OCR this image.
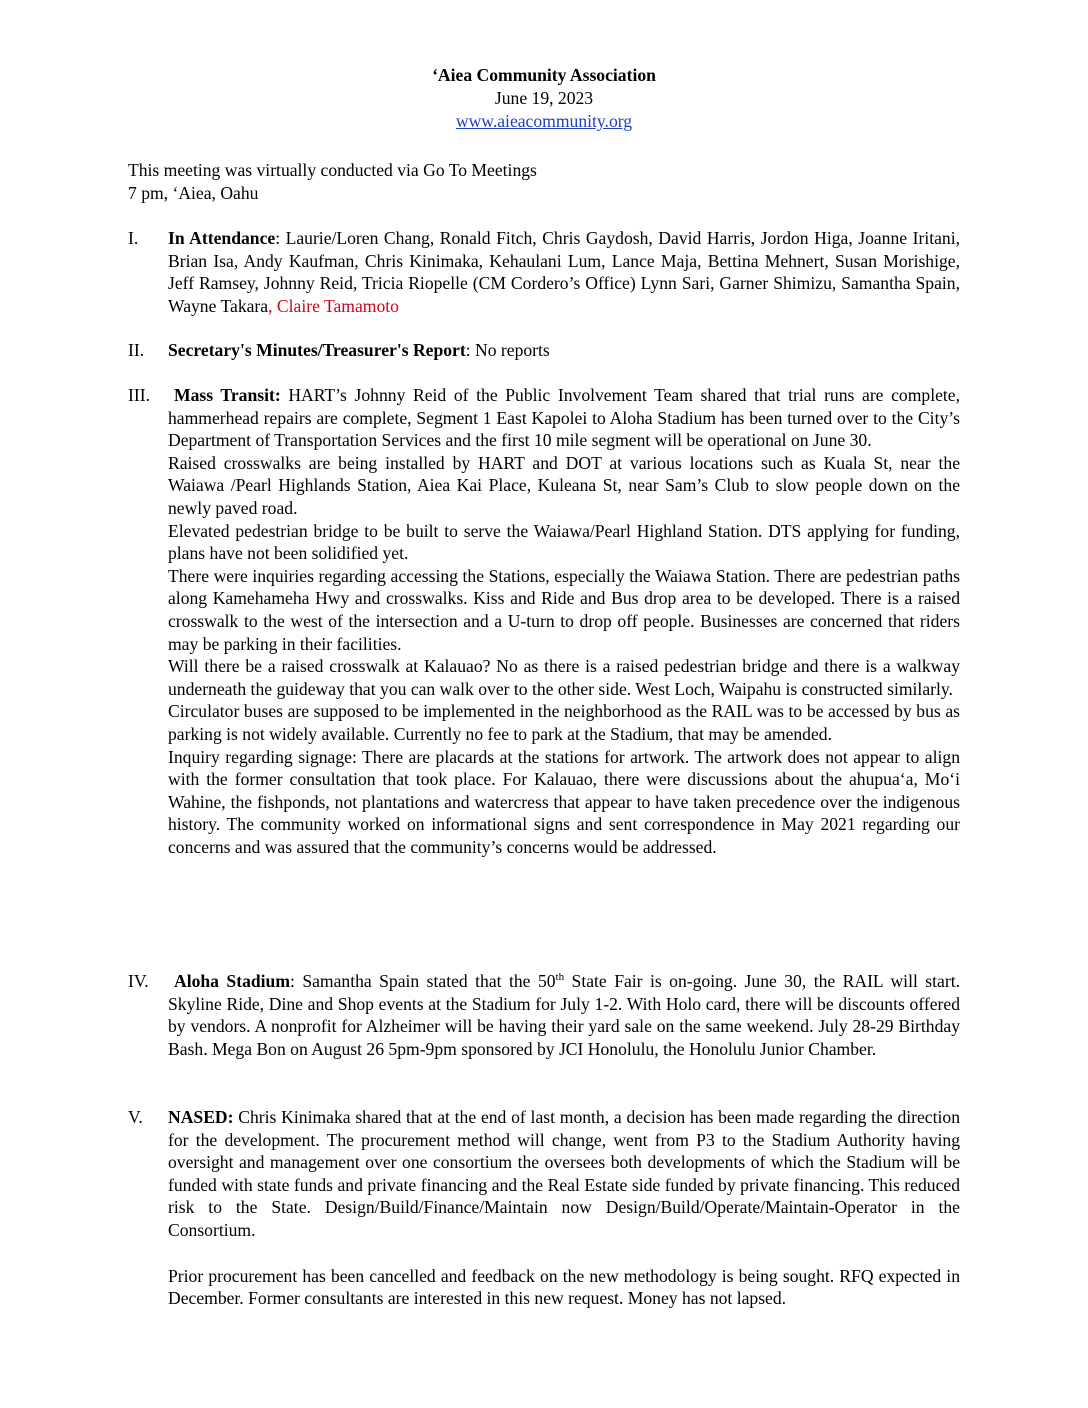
‘Aiea Community Association
June 19, 2023
www.aieacommunity.org
This meeting was virtually conducted via Go To Meetings
7 pm, ‘Aiea, Oahu
I.	In Attendance: Laurie/Loren Chang, Ronald Fitch, Chris Gaydosh, David Harris, Jordon Higa, Joanne Iritani, Brian Isa, Andy Kaufman, Chris Kinimaka, Kehaulani Lum, Lance Maja, Bettina Mehnert, Susan Morishige, Jeff Ramsey, Johnny Reid, Tricia Riopelle (CM Cordero’s Office) Lynn Sari, Garner Shimizu, Samantha Spain, Wayne Takara, Claire Tamamoto
II.	Secretary's Minutes/Treasurer's Report: No reports
III.	Mass Transit: HART’s Johnny Reid of the Public Involvement Team shared that trial runs are complete, hammerhead repairs are complete, Segment 1 East Kapolei to Aloha Stadium has been turned over to the City’s Department of Transportation Services and the first 10 mile segment will be operational on June 30.

Raised crosswalks are being installed by HART and DOT at various locations such as Kuala St, near the Waiawa /Pearl Highlands Station, Aiea Kai Place, Kuleana St, near Sam’s Club to slow people down on the newly paved road.

Elevated pedestrian bridge to be built to serve the Waiawa/Pearl Highland Station. DTS applying for funding, plans have not been solidified yet.

There were inquiries regarding accessing the Stations, especially the Waiawa Station. There are pedestrian paths along Kamehameha Hwy and crosswalks. Kiss and Ride and Bus drop area to be developed. There is a raised crosswalk to the west of the intersection and a U-turn to drop off people. Businesses are concerned that riders may be parking in their facilities.

Will there be a raised crosswalk at Kalauao? No as there is a raised pedestrian bridge and there is a walkway underneath the guideway that you can walk over to the other side. West Loch, Waipahu is constructed similarly.

Circulator buses are supposed to be implemented in the neighborhood as the RAIL was to be accessed by bus as parking is not widely available. Currently no fee to park at the Stadium, that may be amended.

Inquiry regarding signage: There are placards at the stations for artwork. The artwork does not appear to align with the former consultation that took place. For Kalauao, there were discussions about the ahupua‘a, Mo‘i Wahine, the fishponds, not plantations and watercress that appear to have taken precedence over the indigenous history. The community worked on informational signs and sent correspondence in May 2021 regarding our concerns and was assured that the community’s concerns would be addressed.

IV.	Aloha Stadium: Samantha Spain stated that the 50th State Fair is on-going. June 30, the RAIL will start. Skyline Ride, Dine and Shop events at the Stadium for July 1-2. With Holo card, there will be discounts offered by vendors. A nonprofit for Alzheimer will be having their yard sale on the same weekend. July 28-29 Birthday Bash. Mega Bon on August 26 5pm-9pm sponsored by JCI Honolulu, the Honolulu Junior Chamber.
V.	NASED: Chris Kinimaka shared that at the end of last month, a decision has been made regarding the direction for the development. The procurement method will change, went from P3 to the Stadium Authority having oversight and management over one consortium the oversees both developments of which the Stadium will be funded with state funds and private financing and the Real Estate side funded by private financing. This reduced risk to the State. Design/Build/Finance/Maintain now Design/Build/Operate/Maintain-Operator in the Consortium.

Prior procurement has been cancelled and feedback on the new methodology is being sought. RFQ expected in December. Former consultants are interested in this new request. Money has not lapsed.
